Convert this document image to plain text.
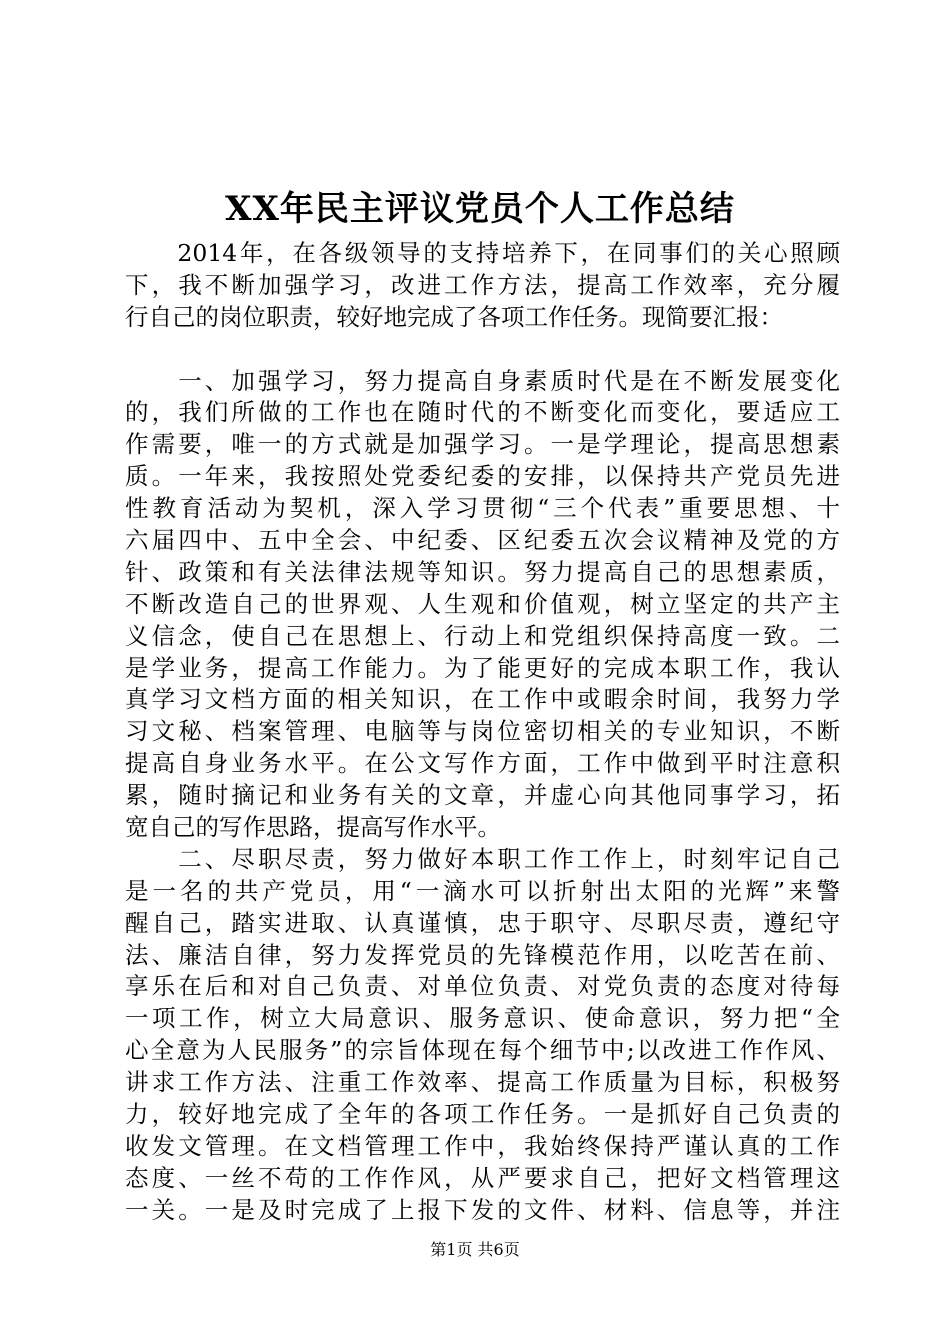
XX年民主评议党员个人工作总结
　　2014年，在各级领导的支持培养下，在同事们的关心照顾
下，我不断加强学习，改进工作方法，提高工作效率，充分履
行自己的岗位职责，较好地完成了各项工作任务。现简要汇报：
　　一、加强学习，努力提高自身素质时代是在不断发展变化
的，我们所做的工作也在随时代的不断变化而变化，要适应工
作需要，唯一的方式就是加强学习。一是学理论，提高思想素
质。一年来，我按照处党委纪委的安排，以保持共产党员先进
性教育活动为契机，深入学习贯彻“三个代表”重要思想、十
六届四中、五中全会、中纪委、区纪委五次会议精神及党的方
针、政策和有关法律法规等知识。努力提高自己的思想素质，
不断改造自己的世界观、人生观和价值观，树立坚定的共产主
义信念，使自己在思想上、行动上和党组织保持高度一致。二
是学业务，提高工作能力。为了能更好的完成本职工作，我认
真学习文档方面的相关知识，在工作中或暇余时间，我努力学
习文秘、档案管理、电脑等与岗位密切相关的专业知识，不断
提高自身业务水平。在公文写作方面，工作中做到平时注意积
累，随时摘记和业务有关的文章，并虚心向其他同事学习，拓
宽自己的写作思路，提高写作水平。
　　二、尽职尽责，努力做好本职工作工作上，时刻牢记自己
是一名的共产党员，用“一滴水可以折射出太阳的光辉”来警
醒自己，踏实进取、认真谨慎，忠于职守、尽职尽责，遵纪守
法、廉洁自律，努力发挥党员的先锋模范作用，以吃苦在前、
享乐在后和对自己负责、对单位负责、对党负责的态度对待每
一项工作，树立大局意识、服务意识、使命意识，努力把“全
心全意为人民服务”的宗旨体现在每个细节中;以改进工作作风、
讲求工作方法、注重工作效率、提高工作质量为目标，积极努
力，较好地完成了全年的各项工作任务。一是抓好自己负责的
收发文管理。在文档管理工作中，我始终保持严谨认真的工作
态度、一丝不苟的工作作风，从严要求自己，把好文档管理这
一关。一是及时完成了上报下发的文件、材料、信息等，并注
第1页 共6页
